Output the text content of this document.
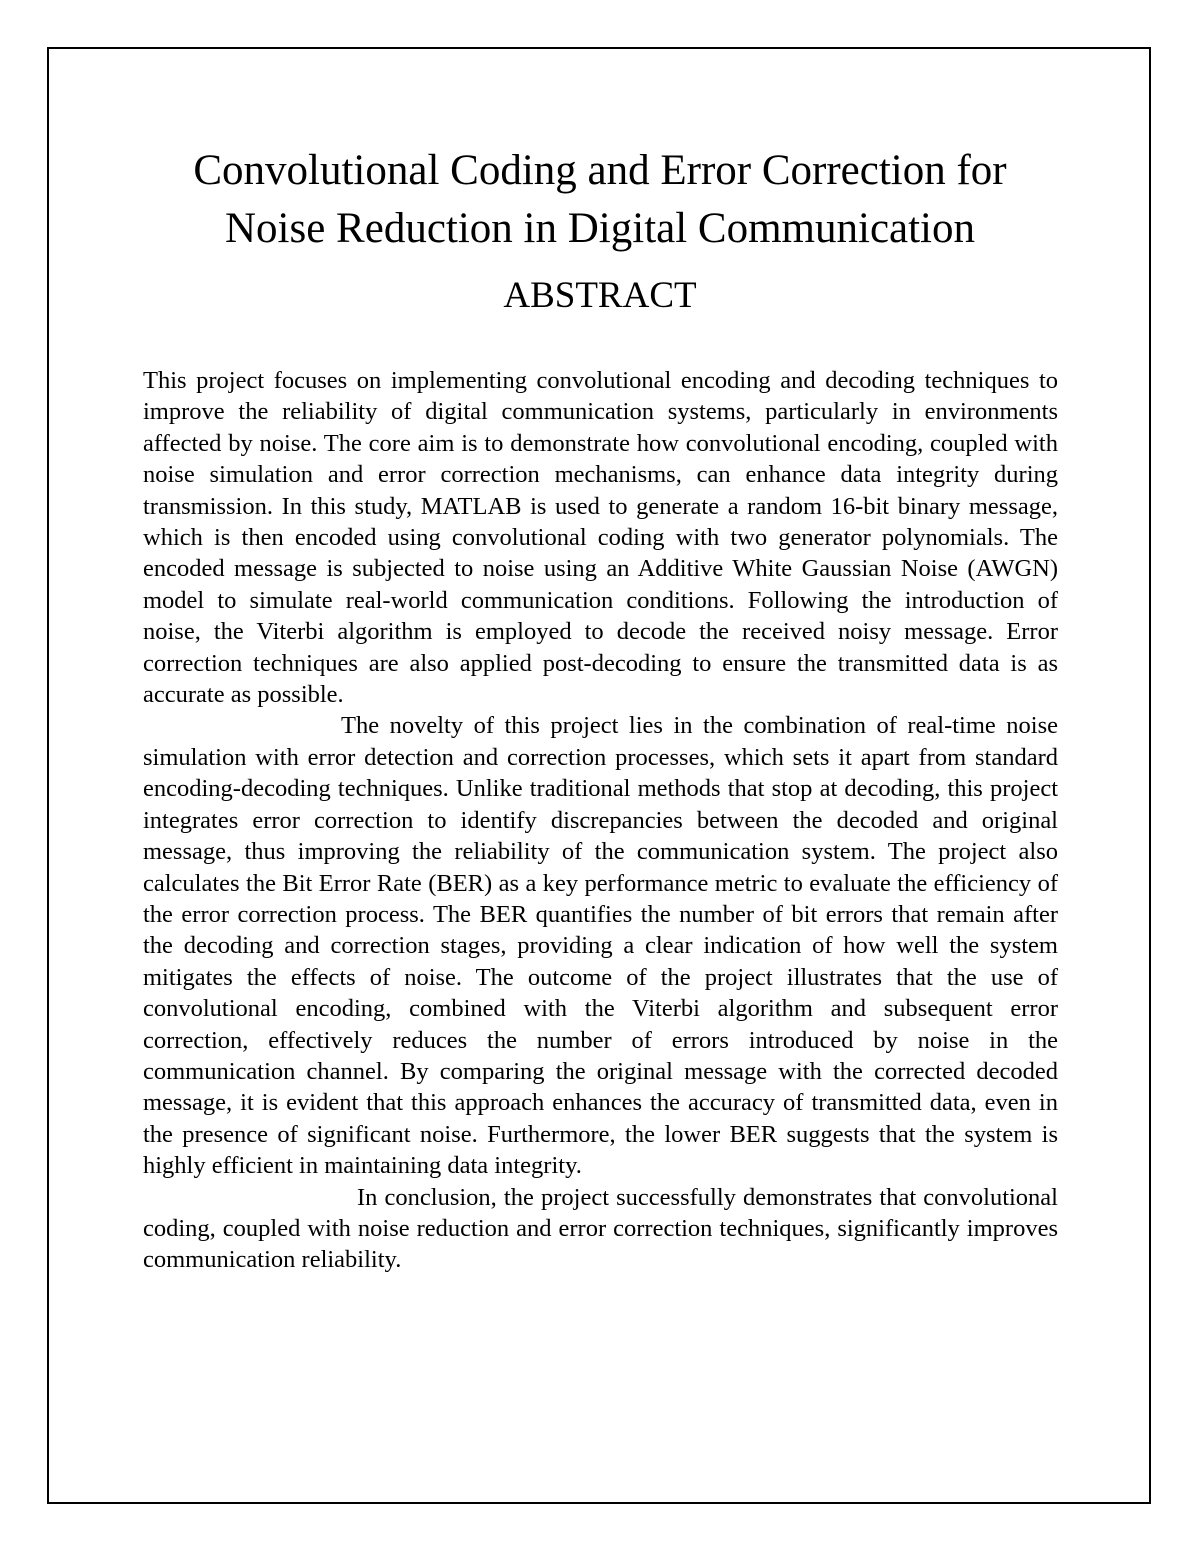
Convolutional Coding and Error Correction for
Noise Reduction in Digital Communication
ABSTRACT

This project focuses on implementing convolutional encoding and decoding techniques to improve the reliability of digital communication systems, particularly in environments affected by noise. The core aim is to demonstrate how convolutional encoding, coupled with noise simulation and error correction mechanisms, can enhance data integrity during transmission. In this study, MATLAB is used to generate a random 16-bit binary message, which is then encoded using convolutional coding with two generator polynomials. The encoded message is subjected to noise using an Additive White Gaussian Noise (AWGN) model to simulate real-world communication conditions. Following the introduction of noise, the Viterbi algorithm is employed to decode the received noisy message. Error correction techniques are also applied post-decoding to ensure the transmitted data is as accurate as possible.

The novelty of this project lies in the combination of real-time noise simulation with error detection and correction processes, which sets it apart from standard encoding-decoding techniques. Unlike traditional methods that stop at decoding, this project integrates error correction to identify discrepancies between the decoded and original message, thus improving the reliability of the communication system. The project also calculates the Bit Error Rate (BER) as a key performance metric to evaluate the efficiency of the error correction process. The BER quantifies the number of bit errors that remain after the decoding and correction stages, providing a clear indication of how well the system mitigates the effects of noise. The outcome of the project illustrates that the use of convolutional encoding, combined with the Viterbi algorithm and subsequent error correction, effectively reduces the number of errors introduced by noise in the communication channel. By comparing the original message with the corrected decoded message, it is evident that this approach enhances the accuracy of transmitted data, even in the presence of significant noise. Furthermore, the lower BER suggests that the system is highly efficient in maintaining data integrity.

In conclusion, the project successfully demonstrates that convolutional coding, coupled with noise reduction and error correction techniques, significantly improves communication reliability.
